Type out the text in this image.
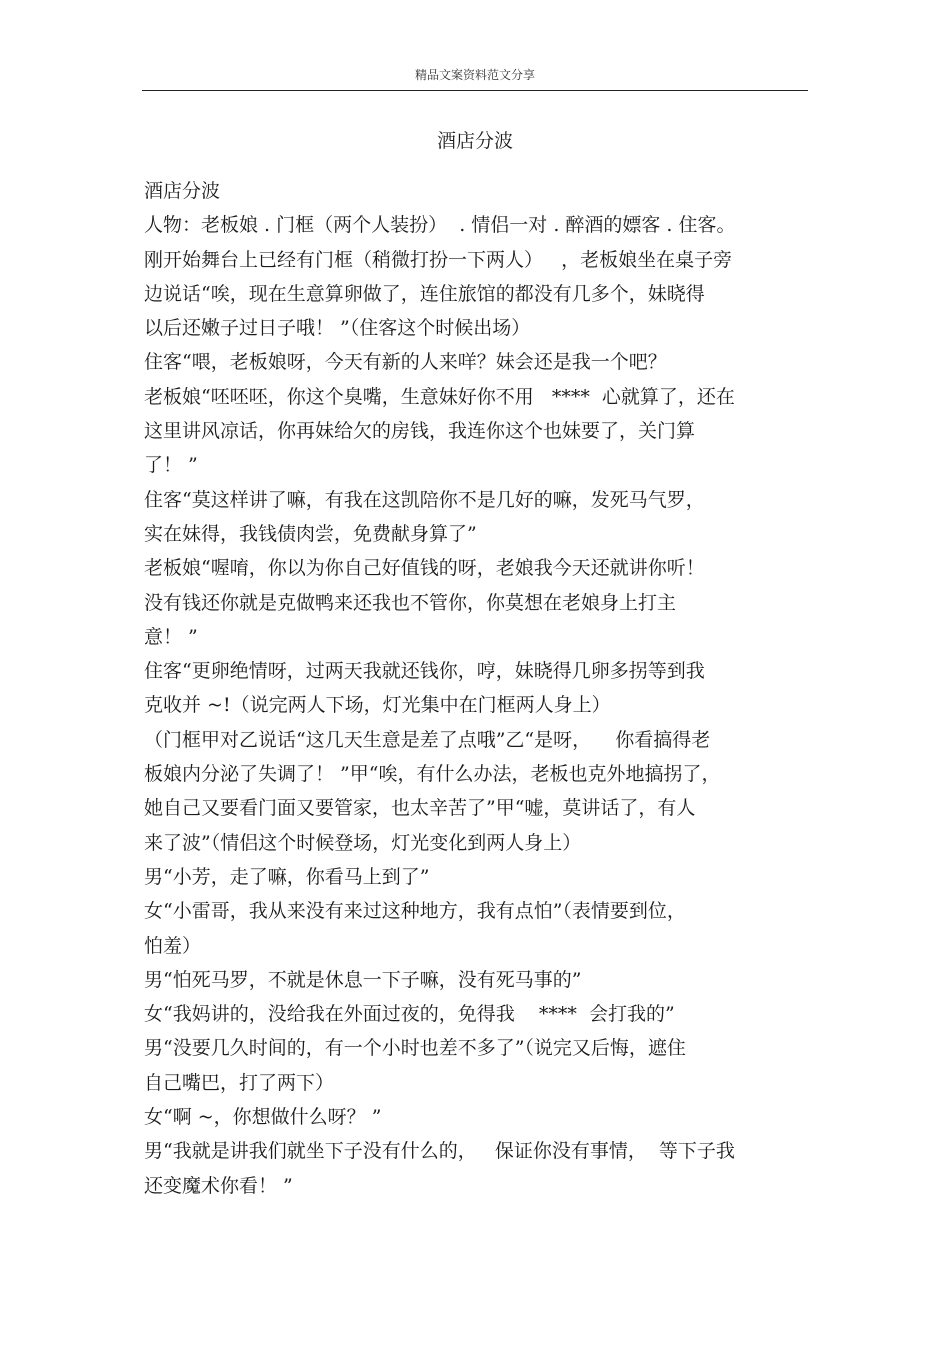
精品文案资料范文分享
酒店分波
酒店分波
人物：老板娘 . 门框（两个人装扮）  . 情侣一对 . 醉酒的嫖客 . 住客。
刚开始舞台上已经有门框（稍微打扮一下两人）   ，老板娘坐在桌子旁
边说话“唉，现在生意算卵做了，连住旅馆的都没有几多个，妹晓得
以后还嫩子过日子哦！ ”（住客这个时候出场）
住客“喂，老板娘呀，今天有新的人来咩？妹会还是我一个吧？
老板娘“呸呸呸，你这个臭嘴，生意妹好你不用   ****  心就算了，还在
这里讲风凉话，你再妹给欠的房钱，我连你这个也妹要了，关门算
了！ ”
住客“莫这样讲了嘛，有我在这凯陪你不是几好的嘛，发死马气罗，
实在妹得，我钱债肉尝，免费献身算了”
老板娘“喔唷，你以为你自己好值钱的呀，老娘我今天还就讲你听！
没有钱还你就是克做鸭来还我也不管你，你莫想在老娘身上打主
意！ ”
住客“更卵绝情呀，过两天我就还钱你，哼，妹晓得几卵多拐等到我
克收并 ~!（说完两人下场，灯光集中在门框两人身上）
（门框甲对乙说话“这几天生意是差了点哦”乙“是呀，    你看搞得老
板娘内分泌了失调了！ ”甲“唉，有什么办法，老板也克外地搞拐了，
她自己又要看门面又要管家，也太辛苦了”甲“嘘，莫讲话了，有人
来了波”（情侣这个时候登场，灯光变化到两人身上）
男“小芳，走了嘛，你看马上到了”
女“小雷哥，我从来没有来过这种地方，我有点怕”（表情要到位，
怕羞）
男“怕死马罗，不就是休息一下子嘛，没有死马事的”
女“我妈讲的，没给我在外面过夜的，免得我    ****  会打我的”
男“没要几久时间的，有一个小时也差不多了”（说完又后悔，遮住
自己嘴巴，打了两下）
女“啊 ~，你想做什么呀？ ”
男“我就是讲我们就坐下子没有什么的，   保证你没有事情，  等下子我
还变魔术你看！ ”
